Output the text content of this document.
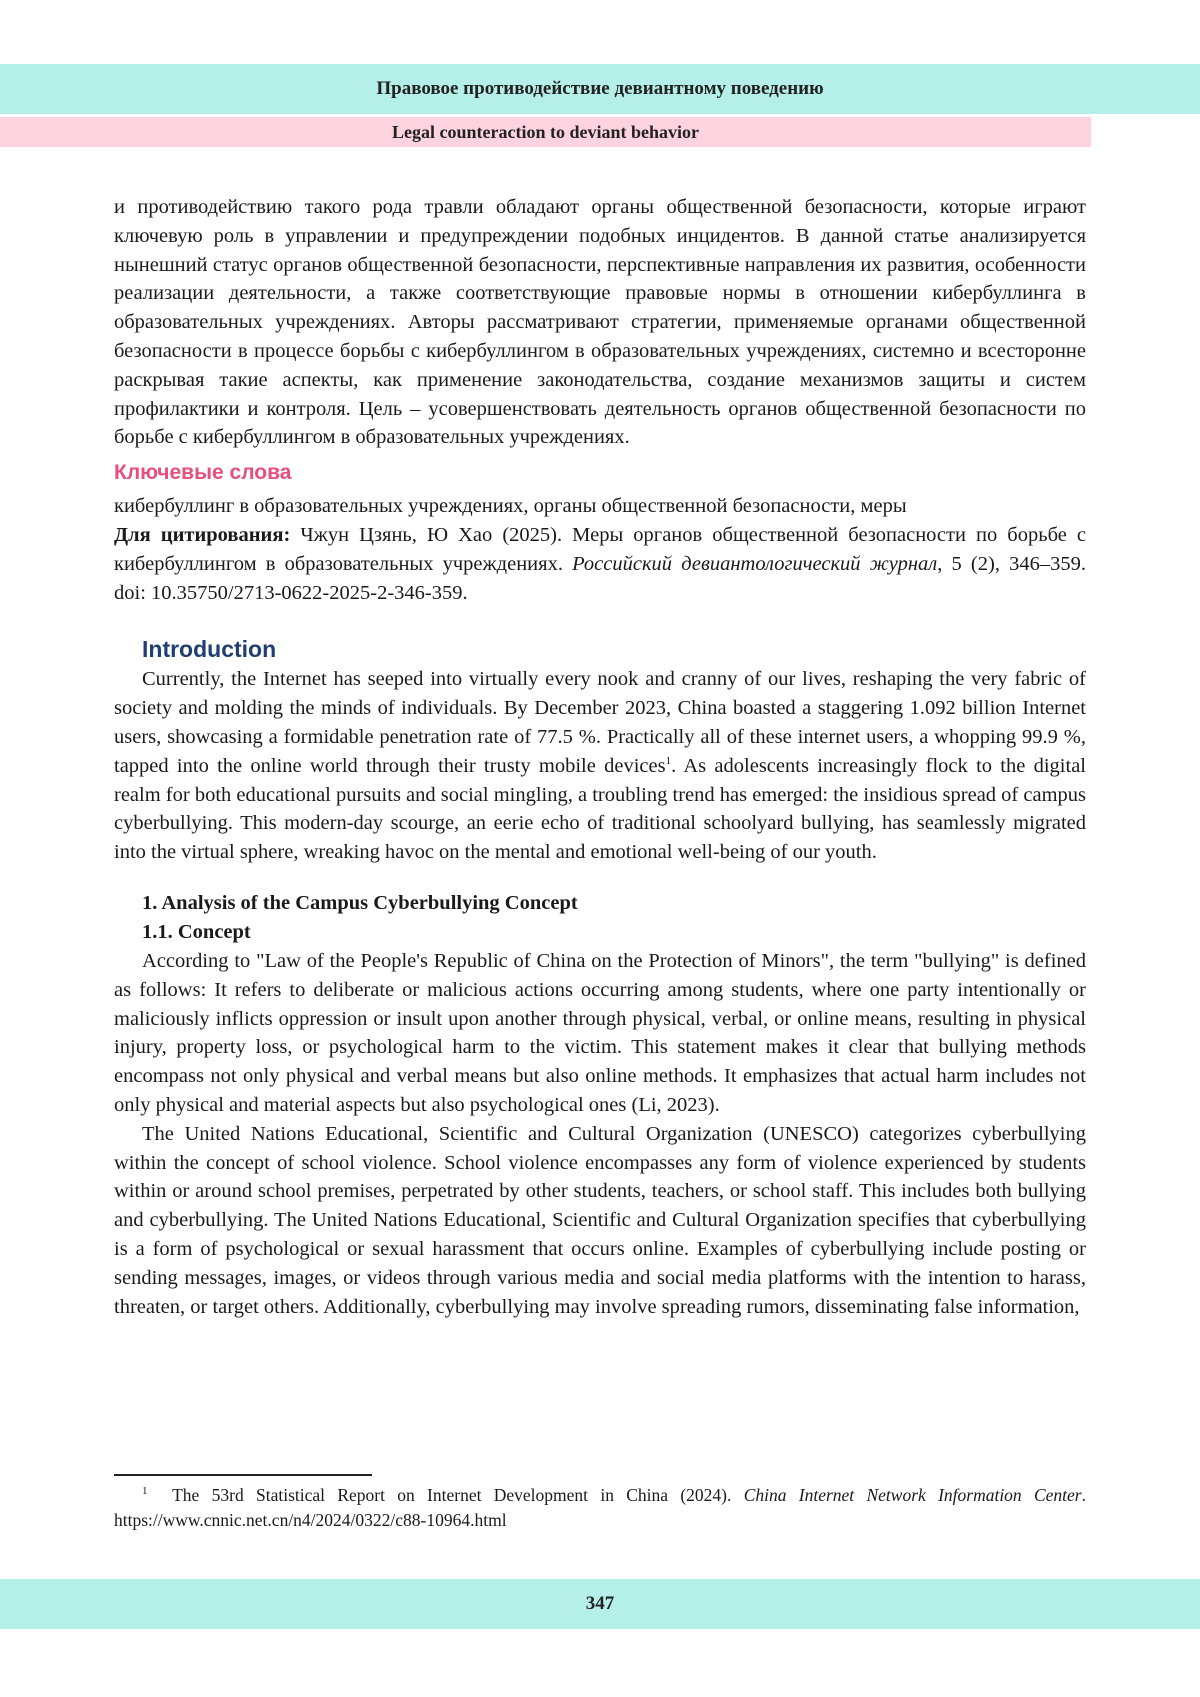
Правовое противодействие девиантному поведению
Legal counteraction to deviant behavior

и противодействию такого рода травли обладают органы общественной безопасности, которые играют ключевую роль в управлении и предупреждении подобных инцидентов. В данной статье анализируется нынешний статус органов общественной безопасности, перспективные направления их развития, особенности реализации деятельности, а также соответствующие правовые нормы в отношении кибербуллинга в образовательных учреждениях. Авторы рассматривают стратегии, применяемые органами общественной безопасности в процессе борьбы с кибербуллингом в образовательных учреждениях, системно и всесторонне раскрывая такие аспекты, как применение законодательства, создание механизмов защиты и систем профилактики и контроля. Цель – усовершенствовать деятельность органов общественной безопасности по борьбе с кибербуллингом в образовательных учреждениях.

Ключевые слова

кибербуллинг в образовательных учреждениях, органы общественной безопасности, меры

Для цитирования: Чжун Цзянь, Ю Хао (2025). Меры органов общественной безопасности по борьбе с кибербуллингом в образовательных учреждениях. Российский девиантологический журнал, 5 (2), 346–359. doi: 10.35750/2713-0622-2025-2-346-359.

Introduction

Currently, the Internet has seeped into virtually every nook and cranny of our lives, reshaping the very fabric of society and molding the minds of individuals. By December 2023, China boasted a staggering 1.092 billion Internet users, showcasing a formidable penetration rate of 77.5 %. Practically all of these internet users, a whopping 99.9 %, tapped into the online world through their trusty mobile devices$^1$. As adolescents increasingly flock to the digital realm for both educational pursuits and social mingling, a troubling trend has emerged: the insidious spread of campus cyberbullying. This modern-day scourge, an eerie echo of traditional schoolyard bullying, has seamlessly migrated into the virtual sphere, wreaking havoc on the mental and emotional well-being of our youth.

1. Analysis of the Campus Cyberbullying Concept
1.1. Concept

According to "Law of the People's Republic of China on the Protection of Minors", the term "bullying" is defined as follows: It refers to deliberate or malicious actions occurring among students, where one party intentionally or maliciously inflicts oppression or insult upon another through physical, verbal, or online means, resulting in physical injury, property loss, or psychological harm to the victim. This statement makes it clear that bullying methods encompass not only physical and verbal means but also online methods. It emphasizes that actual harm includes not only physical and material aspects but also psychological ones (Li, 2023).

The United Nations Educational, Scientific and Cultural Organization (UNESCO) categorizes cyberbullying within the concept of school violence. School violence encompasses any form of violence experienced by students within or around school premises, perpetrated by other students, teachers, or school staff. This includes both bullying and cyberbullying. The United Nations Educational, Scientific and Cultural Organization specifies that cyberbullying is a form of psychological or sexual harassment that occurs online. Examples of cyberbullying include posting or sending messages, images, or videos through various media and social media platforms with the intention to harass, threaten, or target others. Additionally, cyberbullying may involve spreading rumors, disseminating false information,

$^1$ The 53rd Statistical Report on Internet Development in China (2024). China Internet Network Information Center. https://www.cnnic.net.cn/n4/2024/0322/c88-10964.html
347
